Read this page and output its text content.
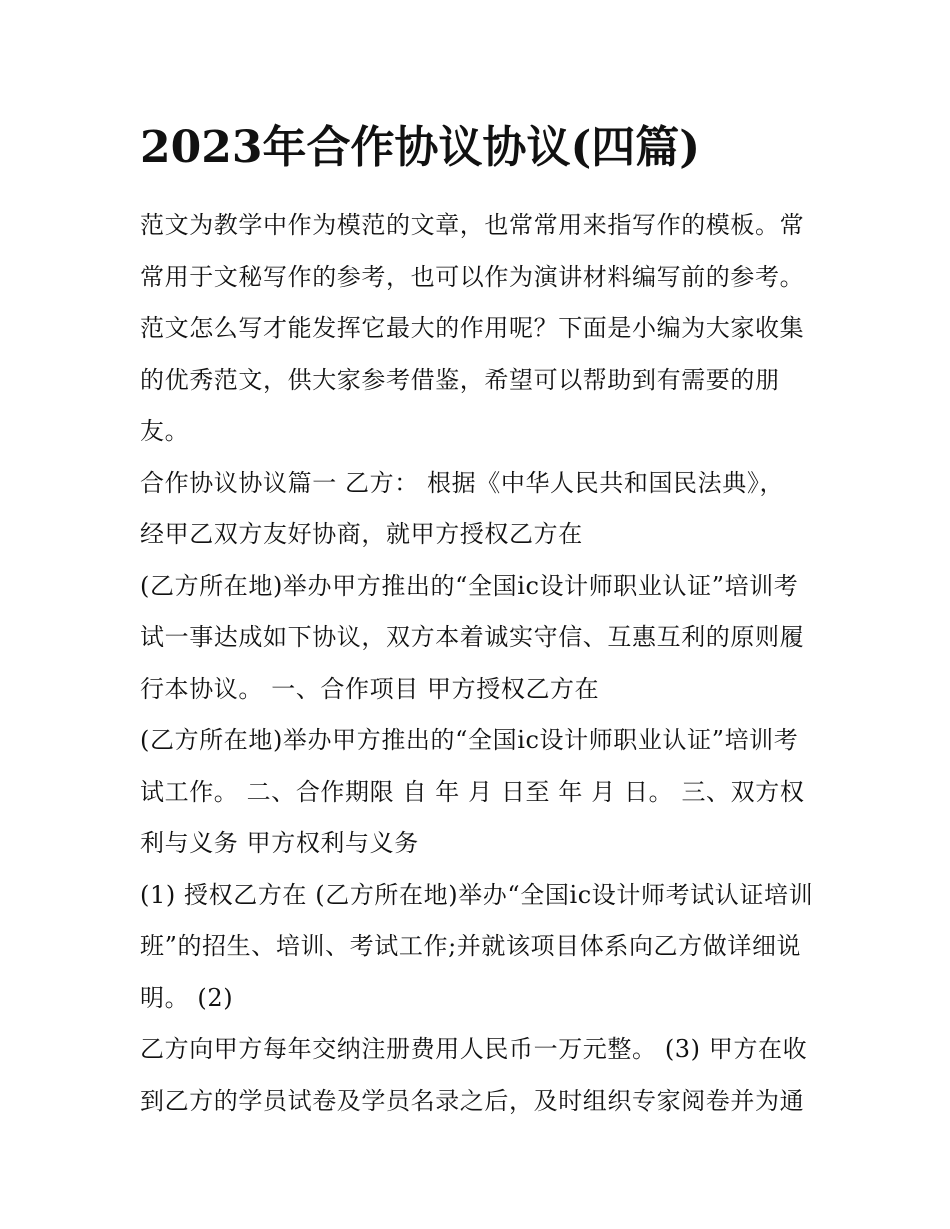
2023年合作协议协议(四篇)
范文为教学中作为模范的文章，也常常用来指写作的模板。常
常用于文秘写作的参考，也可以作为演讲材料编写前的参考。
范文怎么写才能发挥它最大的作用呢？下面是小编为大家收集
的优秀范文，供大家参考借鉴，希望可以帮助到有需要的朋
友。
合作协议协议篇一 乙方： 根据《中华人民共和国民法典》，
经甲乙双方友好协商，就甲方授权乙方在
(乙方所在地)举办甲方推出的“全国ic设计师职业认证”培训考
试一事达成如下协议，双方本着诚实守信、互惠互利的原则履
行本协议。 一、合作项目 甲方授权乙方在
(乙方所在地)举办甲方推出的“全国ic设计师职业认证”培训考
试工作。 二、合作期限 自 年 月 日至 年 月 日。 三、双方权
利与义务 甲方权利与义务
(1) 授权乙方在 (乙方所在地)举办“全国ic设计师考试认证培训
班”的招生、培训、考试工作;并就该项目体系向乙方做详细说
明。 (2)
乙方向甲方每年交纳注册费用人民币一万元整。 (3) 甲方在收
到乙方的学员试卷及学员名录之后，及时组织专家阅卷并为通
